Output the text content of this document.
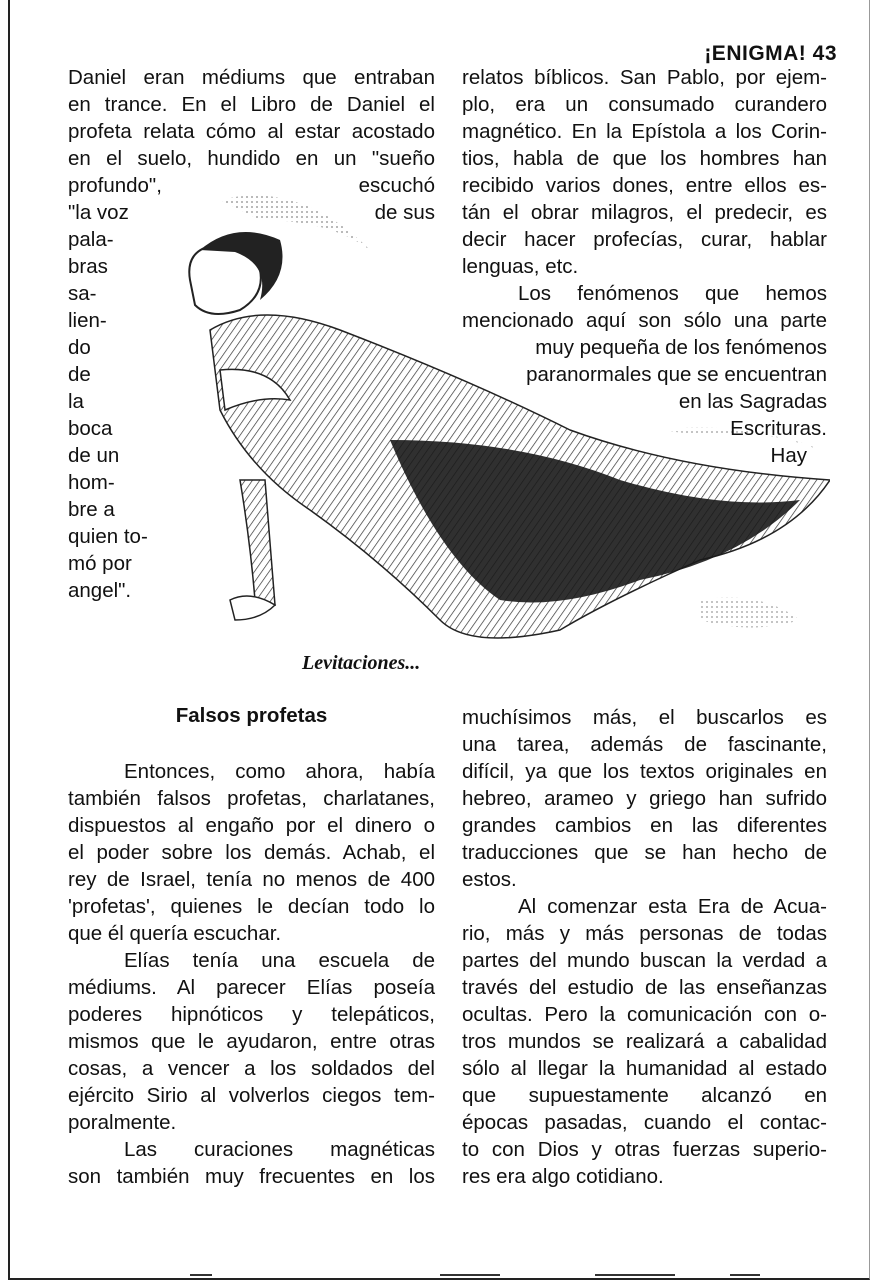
¡ENIGMA! 43
Daniel eran médiums que entraban
en trance. En el Libro de Daniel el
profeta relata cómo al estar acostado
en el suelo, hundido en un "sueño
profundo",	escuchó
"la voz	de sus
pala-
bras
sa-
lien-
do
de
la
boca
de un
hom-
bre a
quien to-
mó por
angel".
relatos bíblicos. San Pablo, por ejem-
plo, era un consumado curandero
magnético. En la Epístola a los Corin-
tios, habla de que los hombres han
recibido varios dones, entre ellos es-
tán el obrar milagros, el predecir, es
decir hacer profecías, curar, hablar
lenguas, etc.
Los fenómenos que hemos
mencionado aquí son sólo una parte
muy pequeña de los fenómenos
paranormales que se encuentran
en las Sagradas
Escrituras.
Hay
Levitaciones...
Falsos profetas
Entonces, como ahora, había
también falsos profetas, charlatanes,
dispuestos al engaño por el dinero o
el poder sobre los demás. Achab, el
rey de Israel, tenía no menos de 400
'profetas', quienes le decían todo lo
que él quería escuchar.
Elías tenía una escuela de
médiums. Al parecer Elías poseía
poderes hipnóticos y telepáticos,
mismos que le ayudaron, entre otras
cosas, a vencer a los soldados del
ejército Sirio al volverlos ciegos tem-
poralmente.
Las curaciones magnéticas
son también muy frecuentes en los
muchísimos más, el buscarlos es
una tarea, además de fascinante,
difícil, ya que los textos originales en
hebreo, arameo y griego han sufrido
grandes cambios en las diferentes
traducciones que se han hecho de
estos.
Al comenzar esta Era de Acua-
rio, más y más personas de todas
partes del mundo buscan la verdad a
través del estudio de las enseñanzas
ocultas. Pero la comunicación con o-
tros mundos se realizará a cabalidad
sólo al llegar la humanidad al estado
que supuestamente alcanzó en
épocas pasadas, cuando el contac-
to con Dios y otras fuerzas superio-
res era algo cotidiano.
